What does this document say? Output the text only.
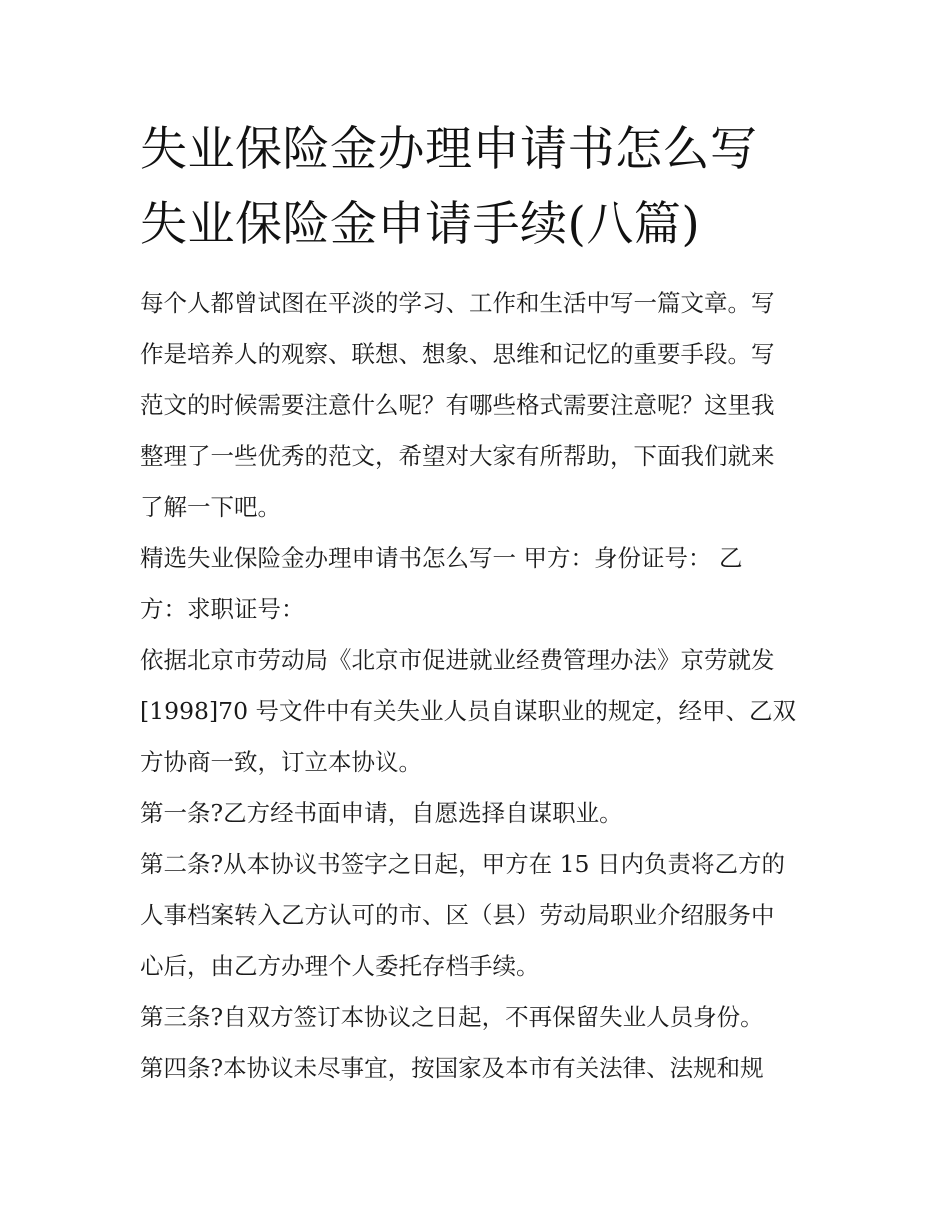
失业保险金办理申请书怎么写
失业保险金申请手续(八篇)

每个人都曾试图在平淡的学习、工作和生活中写一篇文章。写
作是培养人的观察、联想、想象、思维和记忆的重要手段。写
范文的时候需要注意什么呢？有哪些格式需要注意呢？这里我
整理了一些优秀的范文，希望对大家有所帮助，下面我们就来
了解一下吧。

精选失业保险金办理申请书怎么写一 甲方：身份证号： 乙
方：求职证号：

依据北京市劳动局《北京市促进就业经费管理办法》京劳就发
[1998]70 号文件中有关失业人员自谋职业的规定，经甲、乙双
方协商一致，订立本协议。

第一条?乙方经书面申请，自愿选择自谋职业。

第二条?从本协议书签字之日起，甲方在 15 日内负责将乙方的
人事档案转入乙方认可的市、区（县）劳动局职业介绍服务中
心后，由乙方办理个人委托存档手续。

第三条?自双方签订本协议之日起，不再保留失业人员身份。

第四条?本协议未尽事宜，按国家及本市有关法律、法规和规
